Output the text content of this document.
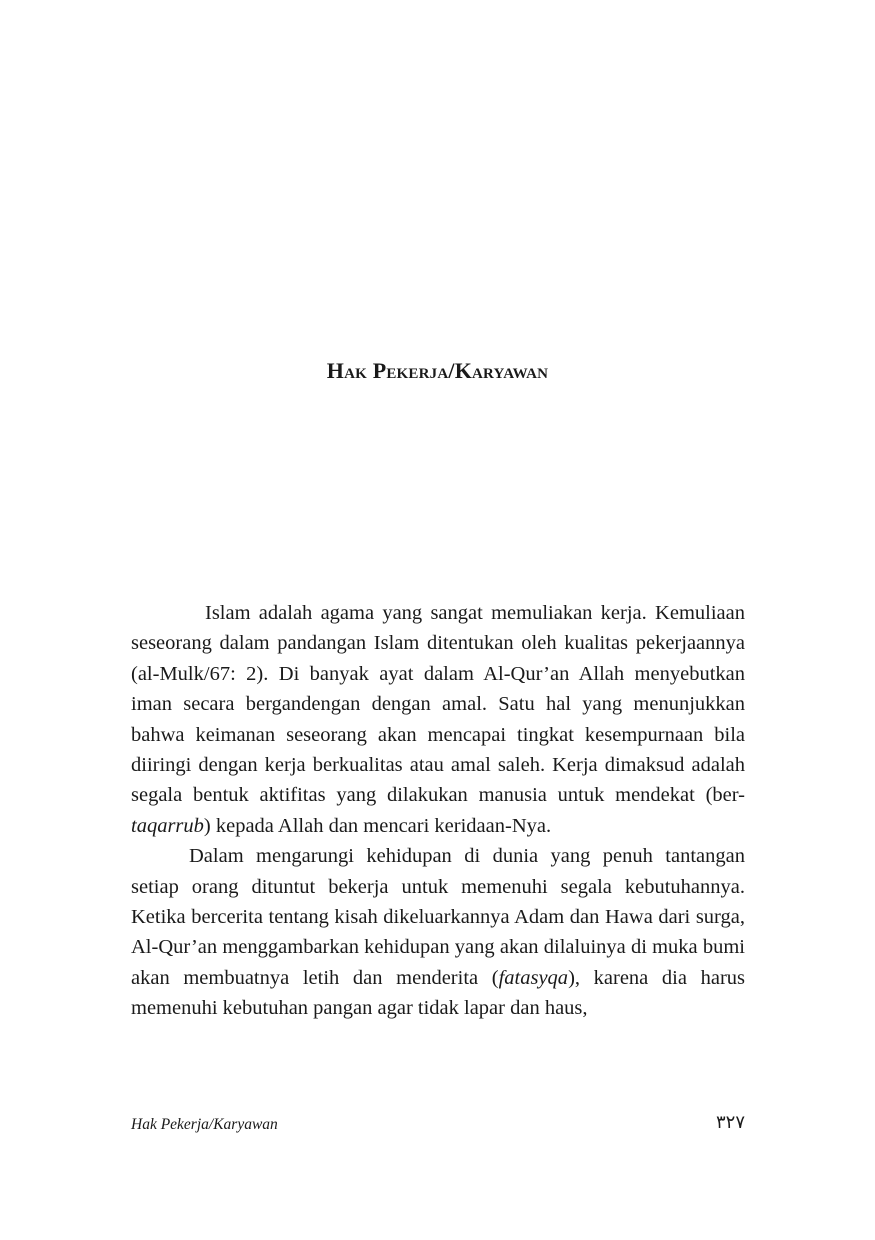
Hak Pekerja/Karyawan

Islam adalah agama yang sangat memuliakan kerja. Kemuliaan seseorang dalam pandangan Islam ditentukan oleh kualitas pekerjaannya (al-Mulk/67: 2). Di banyak ayat dalam Al-Qur’an Allah menyebutkan iman secara bergandengan dengan amal. Satu hal yang menunjukkan bahwa keimanan seseorang akan mencapai tingkat kesempurnaan bila diiringi dengan kerja berkualitas atau amal saleh. Kerja dimaksud adalah segala bentuk aktifitas yang dilakukan manusia untuk mendekat (ber-taqarrub) kepada Allah dan mencari keridaan-Nya.

Dalam mengarungi kehidupan di dunia yang penuh tantangan setiap orang dituntut bekerja untuk memenuhi segala kebutuhannya. Ketika bercerita tentang kisah dikeluarkannya Adam dan Hawa dari surga, Al-Qur’an menggambarkan kehidupan yang akan dilaluinya di muka bumi akan membuatnya letih dan menderita (fatasyqa), karena dia harus memenuhi kebutuhan pangan agar tidak lapar dan haus,

Hak Pekerja/Karyawan	٣٢٧
